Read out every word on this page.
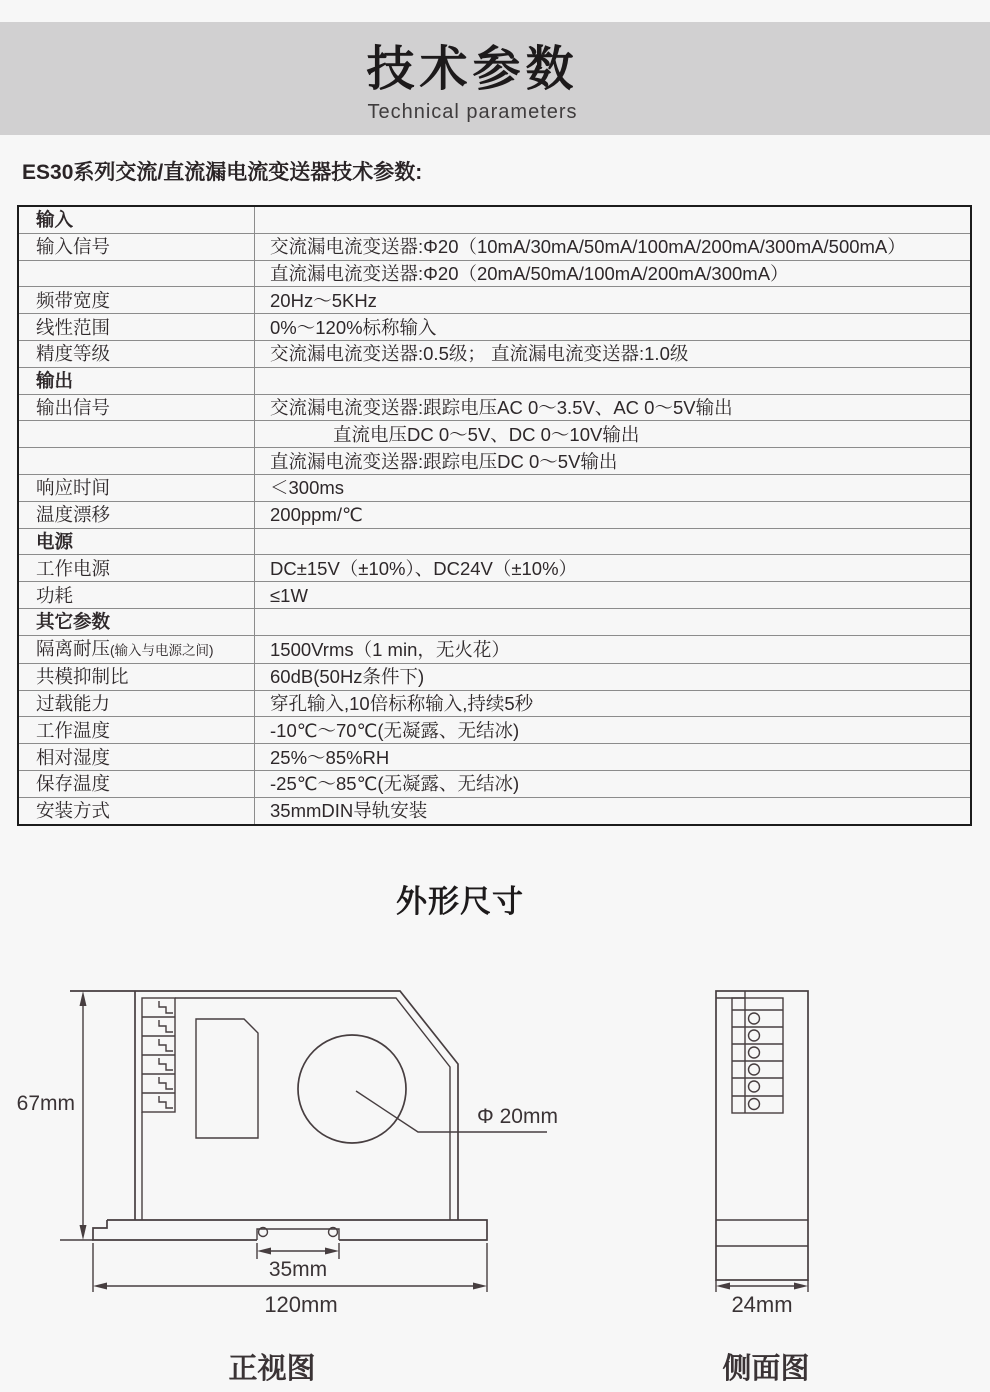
技术参数

Technical parameters

ES30系列交流/直流漏电流变送器技术参数:
输入	
输入信号	交流漏电流变送器:Φ20（10mA/30mA/50mA/100mA/200mA/300mA/500mA）
	直流漏电流变送器:Φ20（20mA/50mA/100mA/200mA/300mA）
频带宽度	20Hz～5KHz
线性范围	0%～120%标称输入
精度等级	交流漏电流变送器:0.5级； 直流漏电流变送器:1.0级
输出	
输出信号	交流漏电流变送器:跟踪电压AC 0～3.5V、AC 0～5V输出
	直流电压DC 0～5V、DC 0～10V输出
	直流漏电流变送器:跟踪电压DC 0～5V输出
响应时间	＜300ms
温度漂移	200ppm/℃
电源	
工作电源	DC±15V（±10%）、DC24V（±10%）
功耗	≤1W
其它参数	
隔离耐压(输入与电源之间)	1500Vrms（1 min，无火花）
共模抑制比	60dB(50Hz条件下)
过载能力	穿孔输入,10倍标称输入,持续5秒
工作温度	-10℃～70℃(无凝露、无结冰)
相对湿度	25%～85%RH
保存温度	-25℃～85℃(无凝露、无结冰)
安装方式	35mmDIN导轨安装
外形尺寸
67mm
Φ 20mm
35mm
120mm
正视图
24mm
侧面图
